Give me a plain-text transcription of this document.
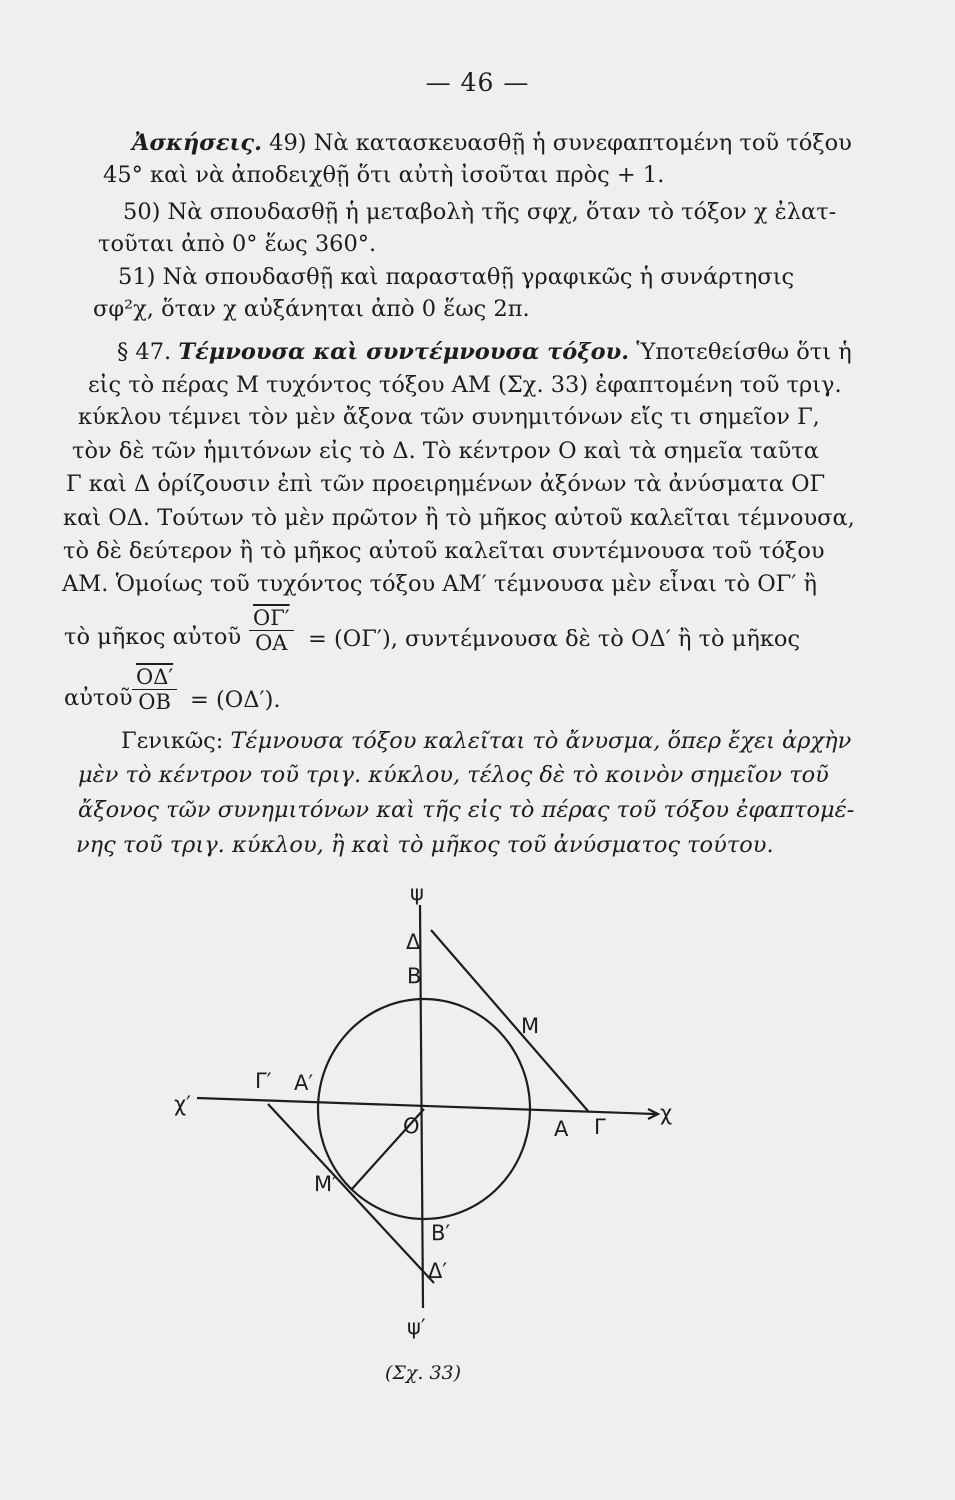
— 46 —
Ἀσκήσεις. 49) Νὰ κατασκευασθῇ ἡ συνεφαπτομένη τοῦ τόξου
45° καὶ νὰ ἀποδειχθῇ ὅτι αὐτὴ ἰσοῦται πρὸς + 1.
50) Νὰ σπουδασθῇ ἡ μεταβολὴ τῆς σφχ, ὅταν τὸ τόξον χ ἐλατ-
τοῦται ἀπὸ 0° ἕως 360°.
51) Νὰ σπουδασθῇ καὶ παρασταθῇ γραφικῶς ἡ συνάρτησις
σφ²χ, ὅταν χ αὐξάνηται ἀπὸ 0 ἕως 2π.
§ 47. Τέμνουσα καὶ συντέμνουσα τόξου. Ὑποτεθείσθω ὅτι ἡ
εἰς τὸ πέρας Μ τυχόντος τόξου ΑΜ (Σχ. 33) ἐφαπτομένη τοῦ τριγ.
κύκλου τέμνει τὸν μὲν ἄξονα τῶν συνημιτόνων εἴς τι σημεῖον Γ,
τὸν δὲ τῶν ἡμιτόνων εἰς τὸ Δ. Τὸ κέντρον Ο καὶ τὰ σημεῖα ταῦτα
Γ καὶ Δ ὁρίζουσιν ἐπὶ τῶν προειρημένων ἀξόνων τὰ ἀνύσματα ΟΓ
καὶ ΟΔ. Τούτων τὸ μὲν πρῶτον ἢ τὸ μῆκος αὐτοῦ καλεῖται τέμνουσα,
τὸ δὲ δεύτερον ἢ τὸ μῆκος αὐτοῦ καλεῖται συντέμνουσα τοῦ τόξου
ΑΜ. Ὁμοίως τοῦ τυχόντος τόξου ΑΜ′ τέμνουσα μὲν εἶναι τὸ ΟΓ′ ἢ
τὸ μῆκος αὐτοῦ $\frac{O\Gamma'}{OA} = (O\Gamma')$, συντέμνουσα δὲ τὸ ΟΔ′ ἢ τὸ μῆκος
αὐτοῦ $\frac{O\Delta'}{OB} = (O\Delta')$.
Γενικῶς: Τέμνουσα τόξου καλεῖται τὸ ἄνυσμα, ὅπερ ἔχει ἀρχὴν
μὲν τὸ κέντρον τοῦ τριγ. κύκλου, τέλος δὲ τὸ κοινὸν σημεῖον τοῦ
ἄξονος τῶν συνημιτόνων καὶ τῆς εἰς τὸ πέρας τοῦ τόξου ἐφαπτομέ-
νης τοῦ τριγ. κύκλου, ἢ καὶ τὸ μῆκος τοῦ ἀνύσματος τούτου.
ψ
Δ
Β
Μ
Γ′ Α′
χ′
Ο	Α Γ
χ
Μ′
Β′
Δ′
ψ′
(Σχ. 33)
